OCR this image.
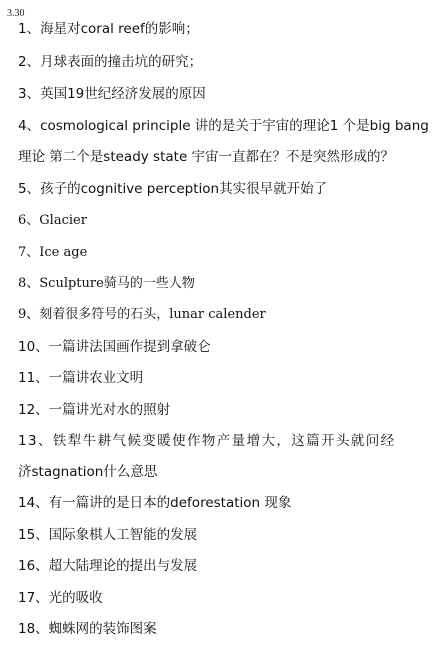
3.30
1、海星对coral reef的影响；
2、月球表面的撞击坑的研究；
3、英国19世纪经济发展的原因
4、cosmological principle 讲的是关于宇宙的理论1 个是big bang
理论 第二个是steady state 宇宙一直都在？不是突然形成的？
5、孩子的cognitive perception其实很早就开始了
6、Glacier
7、Ice age
8、Sculpture骑马的一些人物
9、刻着很多符号的石头，lunar calender
10、一篇讲法国画作提到拿破仑
11、一篇讲农业文明
12、一篇讲光对水的照射
13、铁犁牛耕气候变暖使作物产量增大，这篇开头就问经
济stagnation什么意思
14、有一篇讲的是日本的deforestation 现象
15、国际象棋人工智能的发展
16、超大陆理论的提出与发展
17、光的吸收
18、蜘蛛网的装饰图案
